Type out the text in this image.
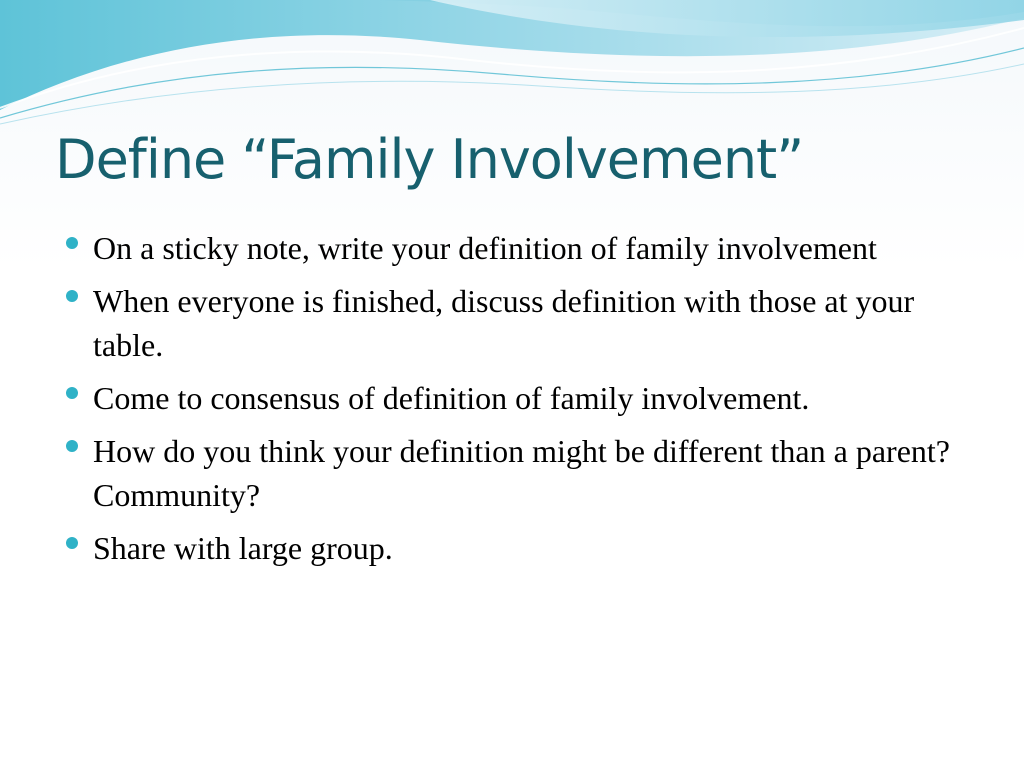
Define “Family Involvement”
On a sticky note, write your definition of family involvement
When everyone is finished, discuss definition with those at your table.
Come to consensus of definition of family involvement.
How do you think your definition might be different than a parent?  Community?
Share with large group.
